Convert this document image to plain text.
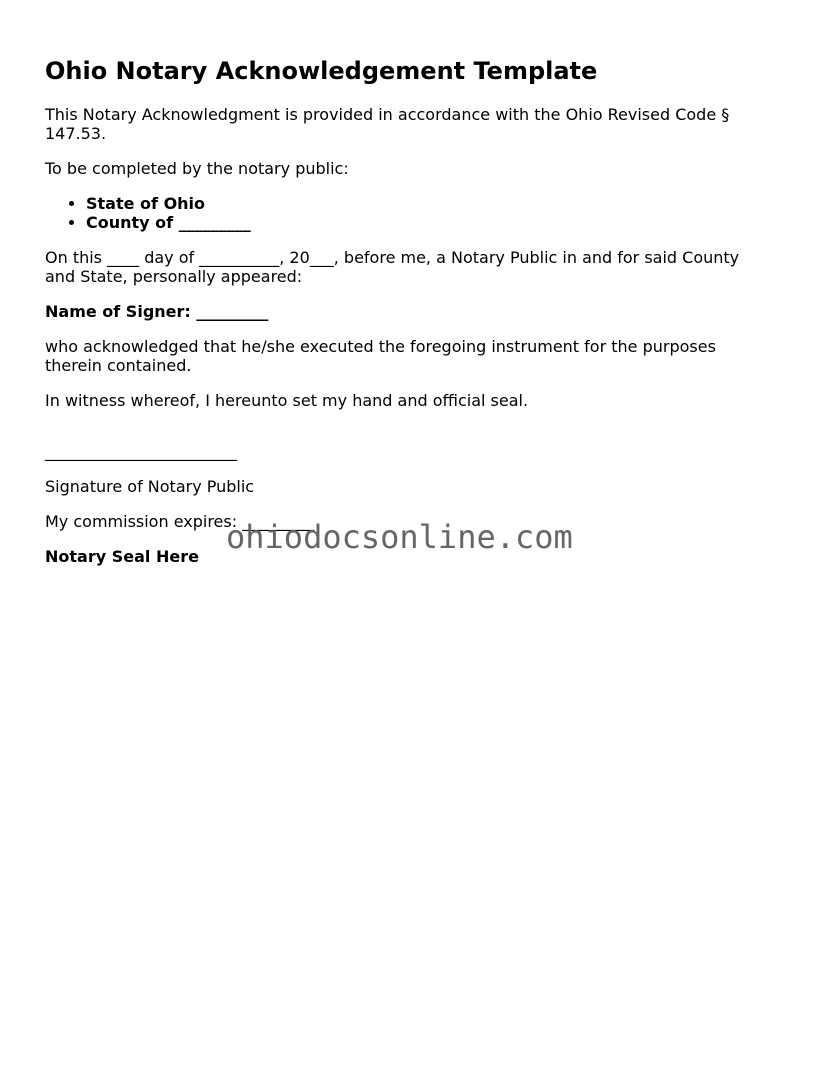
Ohio Notary Acknowledgement Template

This Notary Acknowledgment is provided in accordance with the Ohio Revised Code § 147.53.

To be completed by the notary public:

• State of Ohio
• County of _________

On this ____ day of __________, 20___, before me, a Notary Public in and for said County and State, personally appeared:

Name of Signer: _________

who acknowledged that he/she executed the foregoing instrument for the purposes therein contained.

In witness whereof, I hereunto set my hand and official seal.

________________________

Signature of Notary Public

My commission expires: _________

Notary Seal Here

ohiodocsonline.com
